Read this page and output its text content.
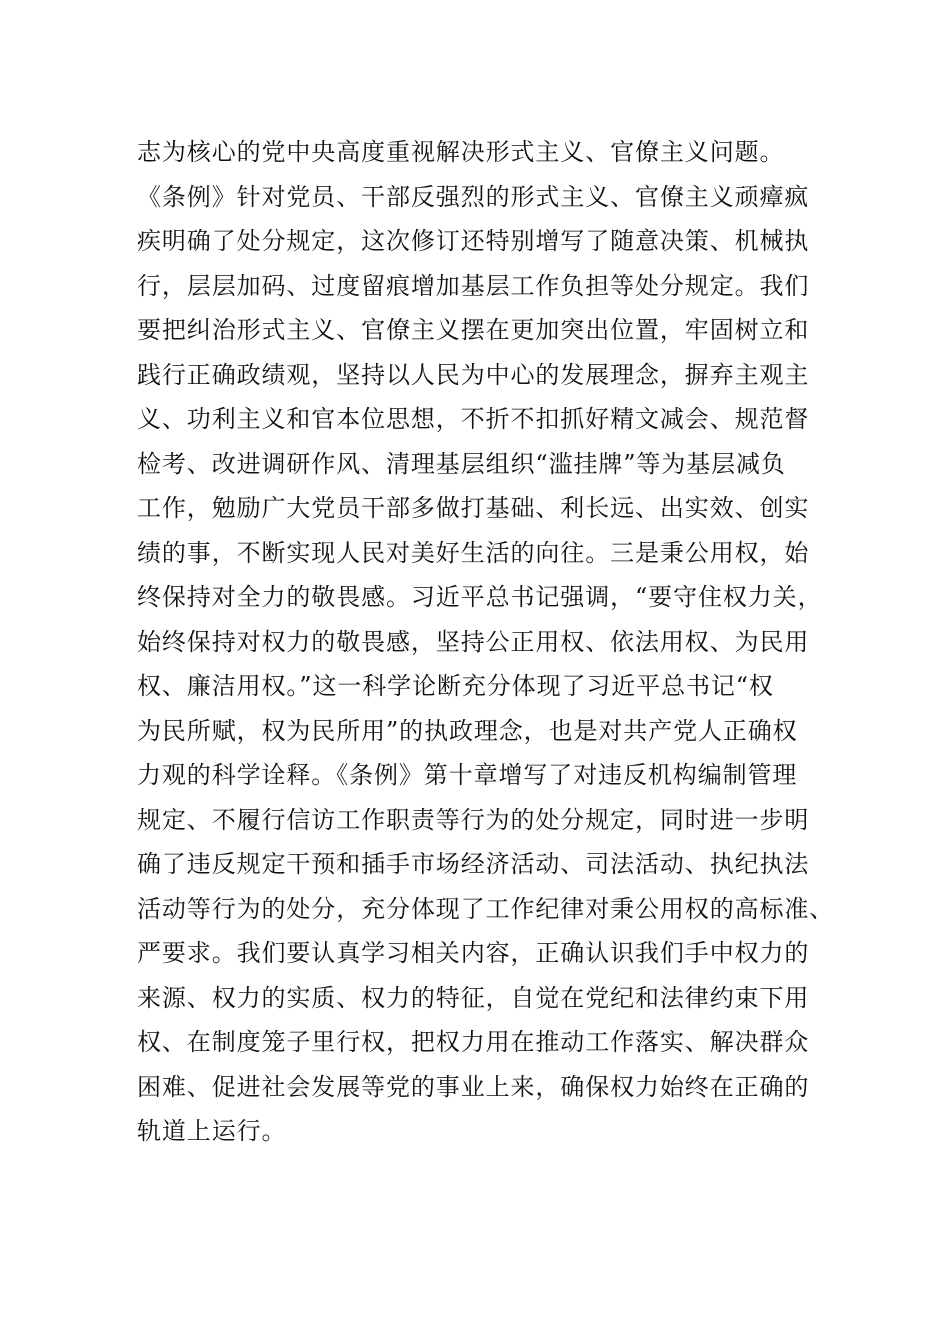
志为核心的党中央高度重视解决形式主义、官僚主义问题。
《条例》针对党员、干部反强烈的形式主义、官僚主义顽瘴疯
疾明确了处分规定，这次修订还特别增写了随意决策、机械执
行，层层加码、过度留痕增加基层工作负担等处分规定。我们
要把纠治形式主义、官僚主义摆在更加突出位置，牢固树立和
践行正确政绩观，坚持以人民为中心的发展理念，摒弃主观主
义、功利主义和官本位思想，不折不扣抓好精文减会、规范督
检考、改进调研作风、清理基层组织“滥挂牌”等为基层减负
工作，勉励广大党员干部多做打基础、利长远、出实效、创实
绩的事，不断实现人民对美好生活的向往。三是秉公用权，始
终保持对全力的敬畏感。习近平总书记强调，“要守住权力关，
始终保持对权力的敬畏感，坚持公正用权、依法用权、为民用
权、廉洁用权。”这一科学论断充分体现了习近平总书记“权
为民所赋，权为民所用”的执政理念，也是对共产党人正确权
力观的科学诠释。《条例》第十章增写了对违反机构编制管理
规定、不履行信访工作职责等行为的处分规定，同时进一步明
确了违反规定干预和插手市场经济活动、司法活动、执纪执法
活动等行为的处分，充分体现了工作纪律对秉公用权的高标准、
严要求。我们要认真学习相关内容，正确认识我们手中权力的
来源、权力的实质、权力的特征，自觉在党纪和法律约束下用
权、在制度笼子里行权，把权力用在推动工作落实、解决群众
困难、促进社会发展等党的事业上来，确保权力始终在正确的
轨道上运行。
